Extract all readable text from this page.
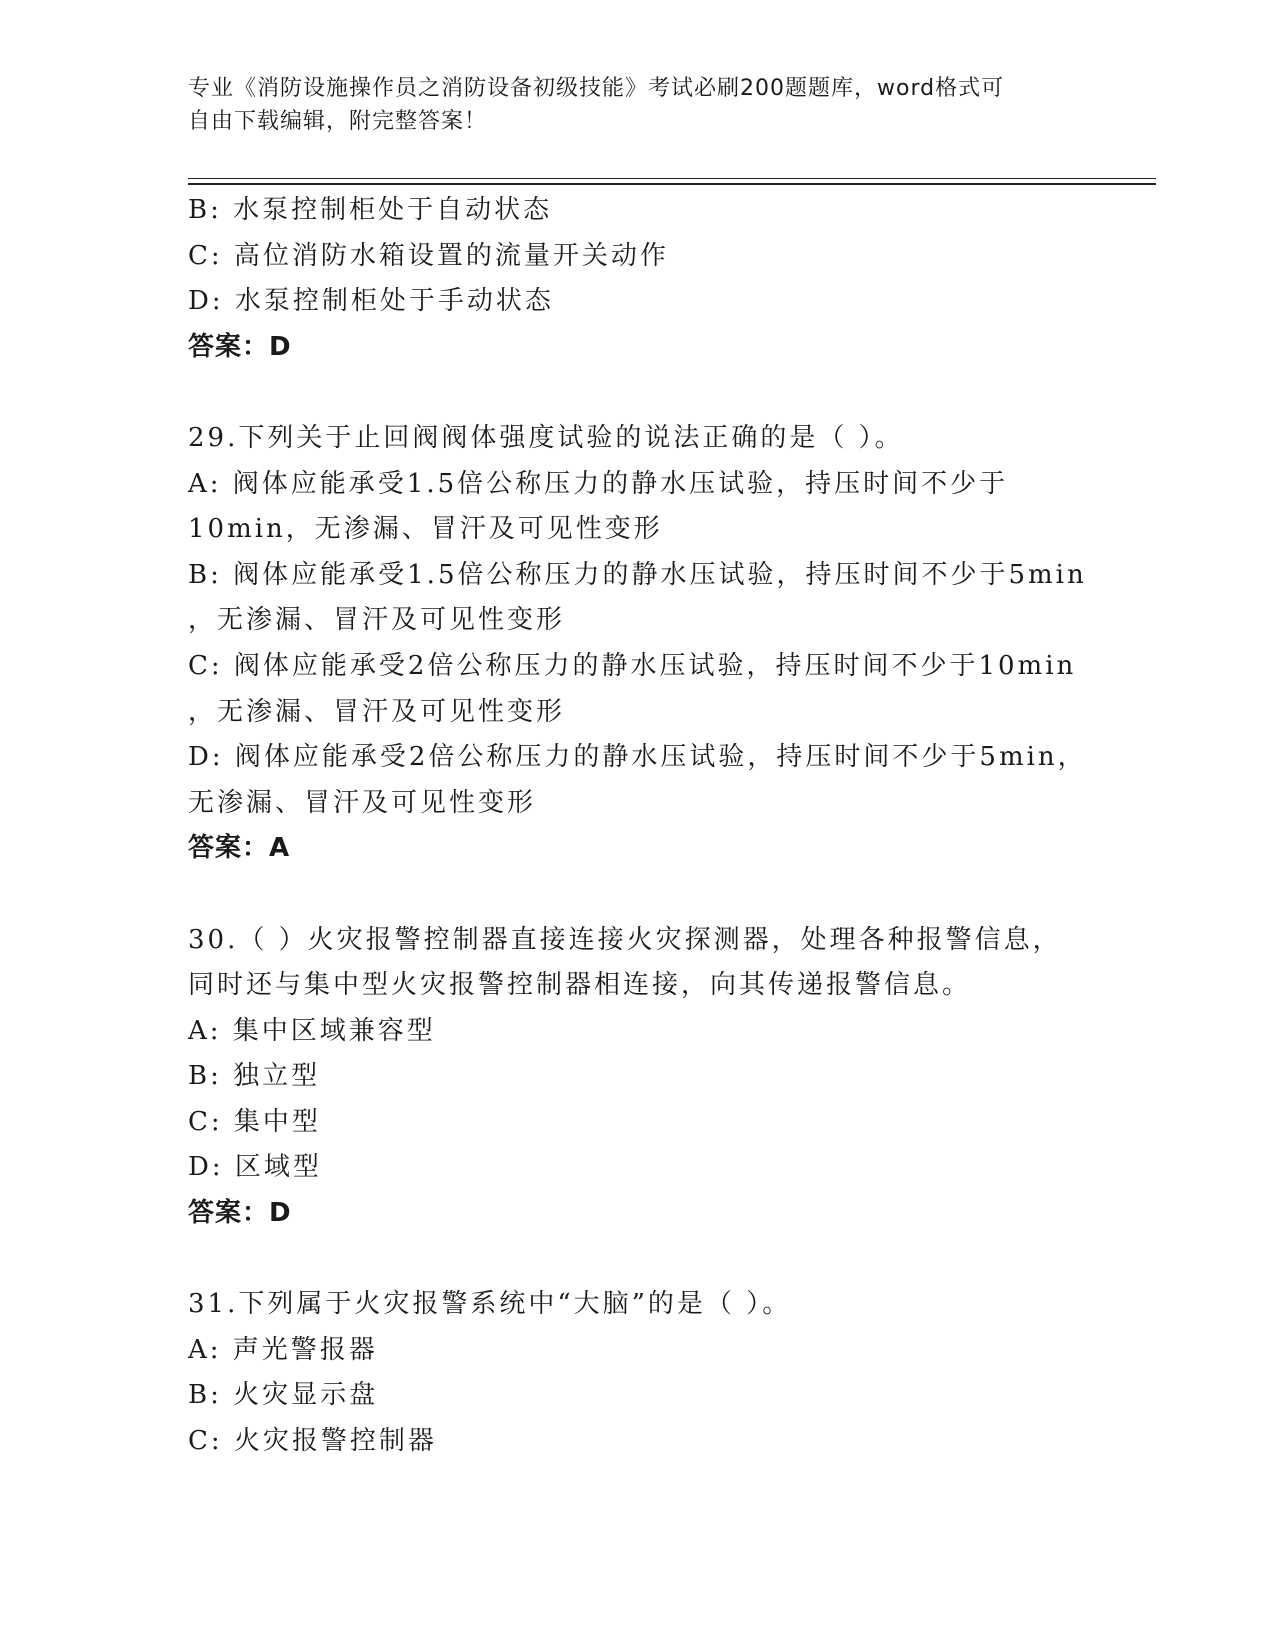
专业《消防设施操作员之消防设备初级技能》考试必刷200题题库，word格式可
自由下载编辑，附完整答案！
B: 水泵控制柜处于自动状态
C: 高位消防水箱设置的流量开关动作
D: 水泵控制柜处于手动状态
答案：D
29.下列关于止回阀阀体强度试验的说法正确的是（ ）。
A: 阀体应能承受1.5倍公称压力的静水压试验，持压时间不少于
10min，无渗漏、冒汗及可见性变形
B: 阀体应能承受1.5倍公称压力的静水压试验，持压时间不少于5min
，无渗漏、冒汗及可见性变形
C: 阀体应能承受2倍公称压力的静水压试验，持压时间不少于10min
，无渗漏、冒汗及可见性变形
D: 阀体应能承受2倍公称压力的静水压试验，持压时间不少于5min，
无渗漏、冒汗及可见性变形
答案：A
30.（ ）火灾报警控制器直接连接火灾探测器，处理各种报警信息，
同时还与集中型火灾报警控制器相连接，向其传递报警信息。
A: 集中区域兼容型
B: 独立型
C: 集中型
D: 区域型
答案：D
31.下列属于火灾报警系统中“大脑”的是（ ）。
A: 声光警报器
B: 火灾显示盘
C: 火灾报警控制器
